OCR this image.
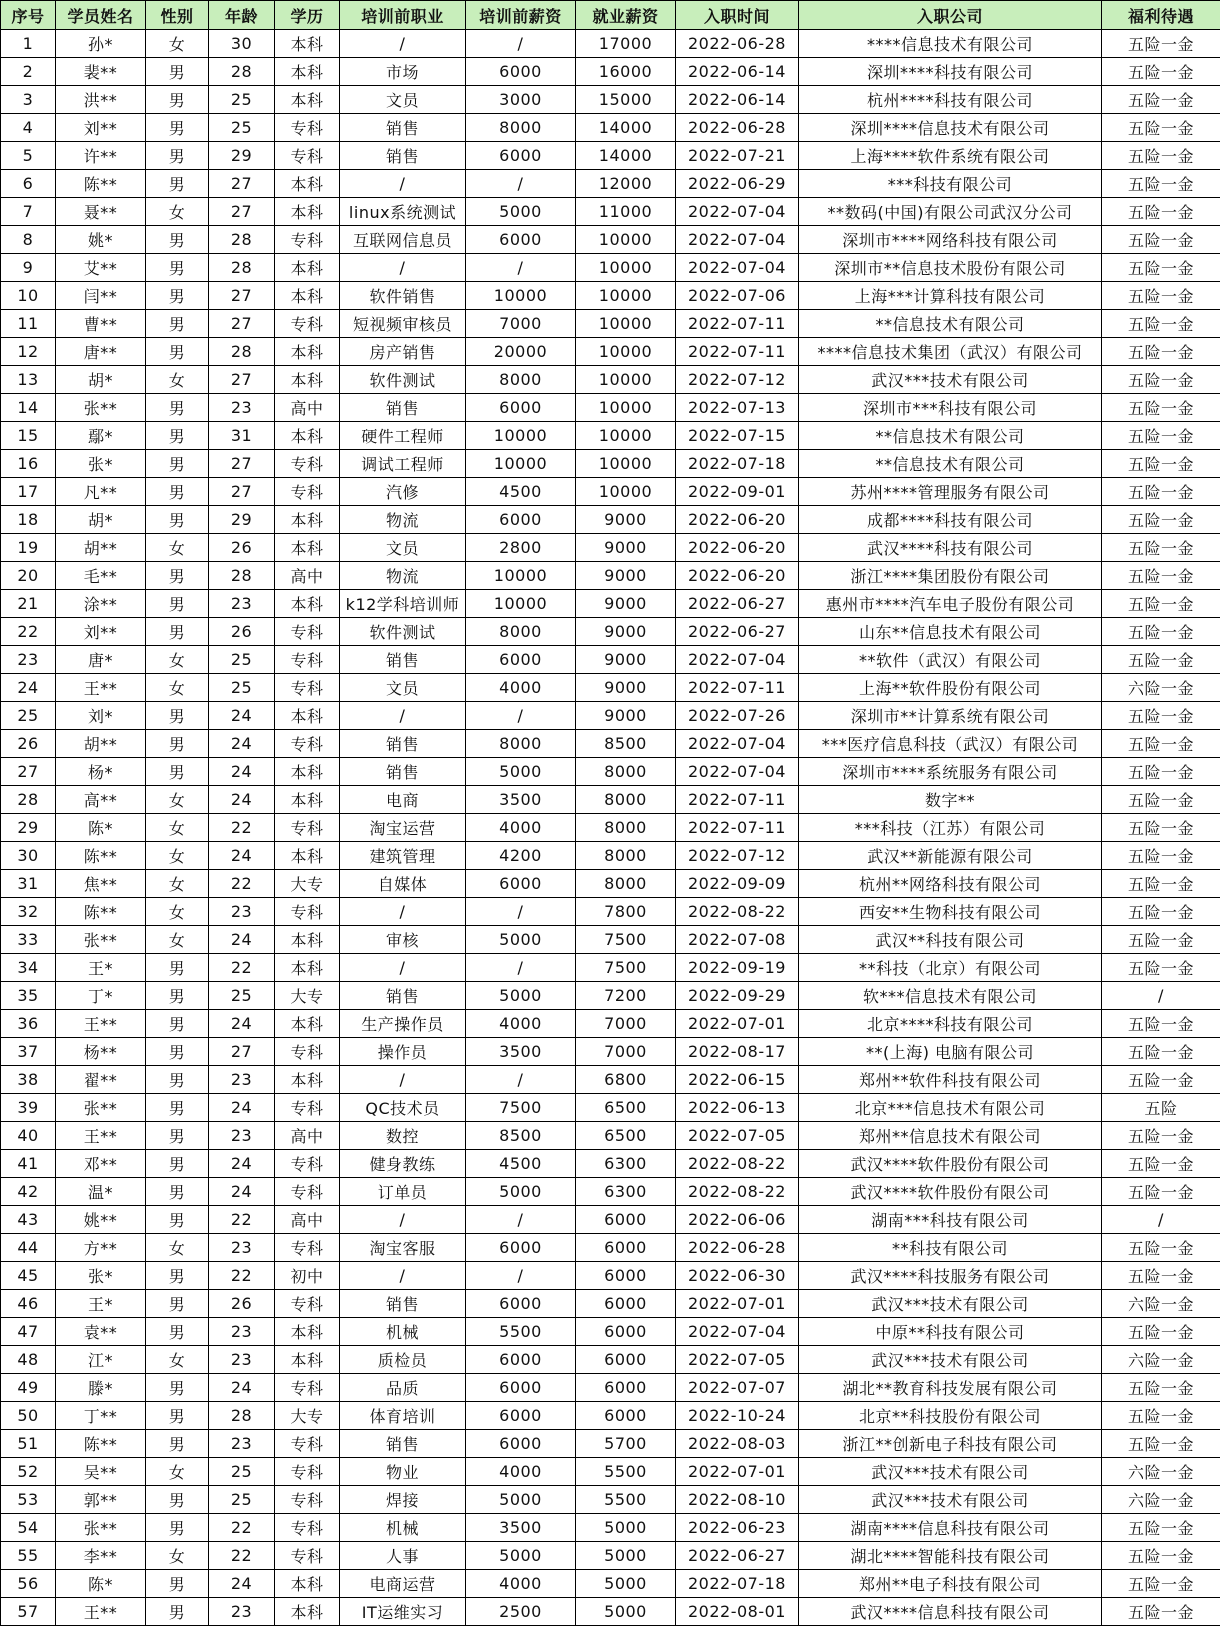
序号	学员姓名	性别	年龄	学历	培训前职业	培训前薪资	就业薪资	入职时间	入职公司	福利待遇
1	孙*	女	30	本科	/	/	17000	2022-06-28	****信息技术有限公司	五险一金
2	裴**	男	28	本科	市场	6000	16000	2022-06-14	深圳****科技有限公司	五险一金
3	洪**	男	25	本科	文员	3000	15000	2022-06-14	杭州****科技有限公司	五险一金
4	刘**	男	25	专科	销售	8000	14000	2022-06-28	深圳****信息技术有限公司	五险一金
5	许**	男	29	专科	销售	6000	14000	2022-07-21	上海****软件系统有限公司	五险一金
6	陈**	男	27	本科	/	/	12000	2022-06-29	***科技有限公司	五险一金
7	聂**	女	27	本科	linux系统测试	5000	11000	2022-07-04	**数码(中国)有限公司武汉分公司	五险一金
8	姚*	男	28	专科	互联网信息员	6000	10000	2022-07-04	深圳市****网络科技有限公司	五险一金
9	艾**	男	28	本科	/	/	10000	2022-07-04	深圳市**信息技术股份有限公司	五险一金
10	闫**	男	27	本科	软件销售	10000	10000	2022-07-06	上海***计算科技有限公司	五险一金
11	曹**	男	27	专科	短视频审核员	7000	10000	2022-07-11	**信息技术有限公司	五险一金
12	唐**	男	28	本科	房产销售	20000	10000	2022-07-11	****信息技术集团（武汉）有限公司	五险一金
13	胡*	女	27	本科	软件测试	8000	10000	2022-07-12	武汉***技术有限公司	五险一金
14	张**	男	23	高中	销售	6000	10000	2022-07-13	深圳市***科技有限公司	五险一金
15	鄢*	男	31	本科	硬件工程师	10000	10000	2022-07-15	**信息技术有限公司	五险一金
16	张*	男	27	专科	调试工程师	10000	10000	2022-07-18	**信息技术有限公司	五险一金
17	凡**	男	27	专科	汽修	4500	10000	2022-09-01	苏州****管理服务有限公司	五险一金
18	胡*	男	29	本科	物流	6000	9000	2022-06-20	成都****科技有限公司	五险一金
19	胡**	女	26	本科	文员	2800	9000	2022-06-20	武汉****科技有限公司	五险一金
20	毛**	男	28	高中	物流	10000	9000	2022-06-20	浙江****集团股份有限公司	五险一金
21	涂**	男	23	本科	k12学科培训师	10000	9000	2022-06-27	惠州市****汽车电子股份有限公司	五险一金
22	刘**	男	26	专科	软件测试	8000	9000	2022-06-27	山东**信息技术有限公司	五险一金
23	唐*	女	25	专科	销售	6000	9000	2022-07-04	**软件（武汉）有限公司	五险一金
24	王**	女	25	专科	文员	4000	9000	2022-07-11	上海**软件股份有限公司	六险一金
25	刘*	男	24	本科	/	/	9000	2022-07-26	深圳市**计算系统有限公司	五险一金
26	胡**	男	24	专科	销售	8000	8500	2022-07-04	***医疗信息科技（武汉）有限公司	五险一金
27	杨*	男	24	本科	销售	5000	8000	2022-07-04	深圳市****系统服务有限公司	五险一金
28	高**	女	24	本科	电商	3500	8000	2022-07-11	数字**	五险一金
29	陈*	女	22	专科	淘宝运营	4000	8000	2022-07-11	***科技（江苏）有限公司	五险一金
30	陈**	女	24	本科	建筑管理	4200	8000	2022-07-12	武汉**新能源有限公司	五险一金
31	焦**	女	22	大专	自媒体	6000	8000	2022-09-09	杭州**网络科技有限公司	五险一金
32	陈**	女	23	专科	/	/	7800	2022-08-22	西安**生物科技有限公司	五险一金
33	张**	女	24	本科	审核	5000	7500	2022-07-08	武汉**科技有限公司	五险一金
34	王*	男	22	本科	/	/	7500	2022-09-19	**科技（北京）有限公司	五险一金
35	丁*	男	25	大专	销售	5000	7200	2022-09-29	软***信息技术有限公司	/
36	王**	男	24	本科	生产操作员	4000	7000	2022-07-01	北京****科技有限公司	五险一金
37	杨**	男	27	专科	操作员	3500	7000	2022-08-17	**(上海) 电脑有限公司	五险一金
38	翟**	男	23	本科	/	/	6800	2022-06-15	郑州**软件科技有限公司	五险一金
39	张**	男	24	专科	QC技术员	7500	6500	2022-06-13	北京***信息技术有限公司	五险
40	王**	男	23	高中	数控	8500	6500	2022-07-05	郑州**信息技术有限公司	五险一金
41	邓**	男	24	专科	健身教练	4500	6300	2022-08-22	武汉****软件股份有限公司	五险一金
42	温*	男	24	专科	订单员	5000	6300	2022-08-22	武汉****软件股份有限公司	五险一金
43	姚**	男	22	高中	/	/	6000	2022-06-06	湖南***科技有限公司	/
44	方**	女	23	专科	淘宝客服	6000	6000	2022-06-28	**科技有限公司	五险一金
45	张*	男	22	初中	/	/	6000	2022-06-30	武汉****科技服务有限公司	五险一金
46	王*	男	26	专科	销售	6000	6000	2022-07-01	武汉***技术有限公司	六险一金
47	袁**	男	23	本科	机械	5500	6000	2022-07-04	中原**科技有限公司	五险一金
48	江*	女	23	本科	质检员	6000	6000	2022-07-05	武汉***技术有限公司	六险一金
49	滕*	男	24	专科	品质	6000	6000	2022-07-07	湖北**教育科技发展有限公司	五险一金
50	丁**	男	28	大专	体育培训	6000	6000	2022-10-24	北京**科技股份有限公司	五险一金
51	陈**	男	23	专科	销售	6000	5700	2022-08-03	浙江**创新电子科技有限公司	五险一金
52	吴**	女	25	专科	物业	4000	5500	2022-07-01	武汉***技术有限公司	六险一金
53	郭**	男	25	专科	焊接	5000	5500	2022-08-10	武汉***技术有限公司	六险一金
54	张**	男	22	专科	机械	3500	5000	2022-06-23	湖南****信息科技有限公司	五险一金
55	李**	女	22	专科	人事	5000	5000	2022-06-27	湖北****智能科技有限公司	五险一金
56	陈*	男	24	本科	电商运营	4000	5000	2022-07-18	郑州**电子科技有限公司	五险一金
57	王**	男	23	本科	IT运维实习	2500	5000	2022-08-01	武汉****信息科技有限公司	五险一金
